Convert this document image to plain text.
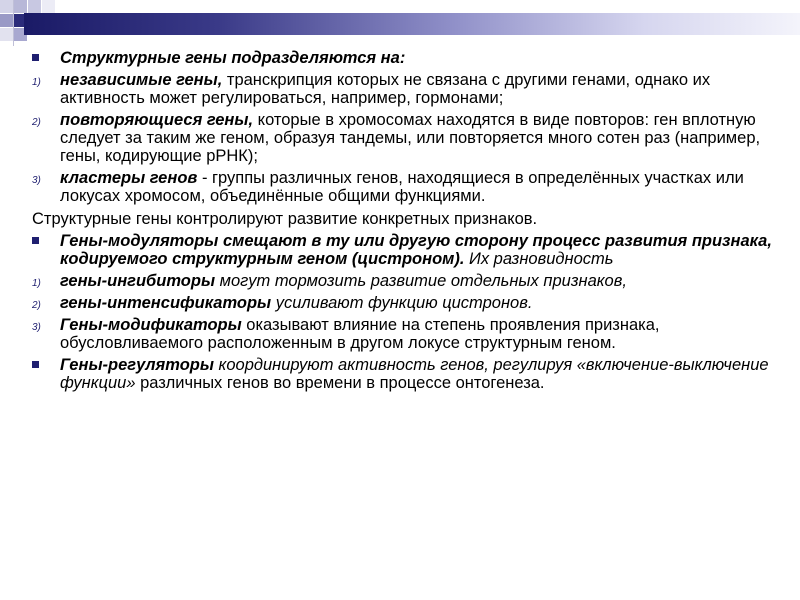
Структурные гены подразделяются на:
1) независимые гены, транскрипция которых не связана с другими генами, однако их активность может регулироваться, например, гормонами;
2) повторяющиеся гены, которые в хромосомах находятся в виде повторов: ген вплотную следует за таким же геном, образуя тандемы, или повторяется много сотен раз (например, гены, кодирующие рРНК);
3) кластеры генов - группы различных генов, находящиеся в определённых участках или локусах хромосом, объединённые общими функциями.
Структурные гены контролируют развитие конкретных признаков.
Гены-модуляторы смещают в ту или другую сторону процесс развития признака, кодируемого структурным геном (цистроном). Их разновидность
1) гены-ингибиторы могут тормозить развитие отдельных признаков,
2) гены-интенсификаторы усиливают функцию цистронов.
3) Гены-модификаторы оказывают влияние на степень проявления признака, обусловливаемого расположенным в другом локусе структурным геном.
Гены-регуляторы координируют активность генов, регулируя «включение-выключение функции» различных генов во времени в процессе онтогенеза.
